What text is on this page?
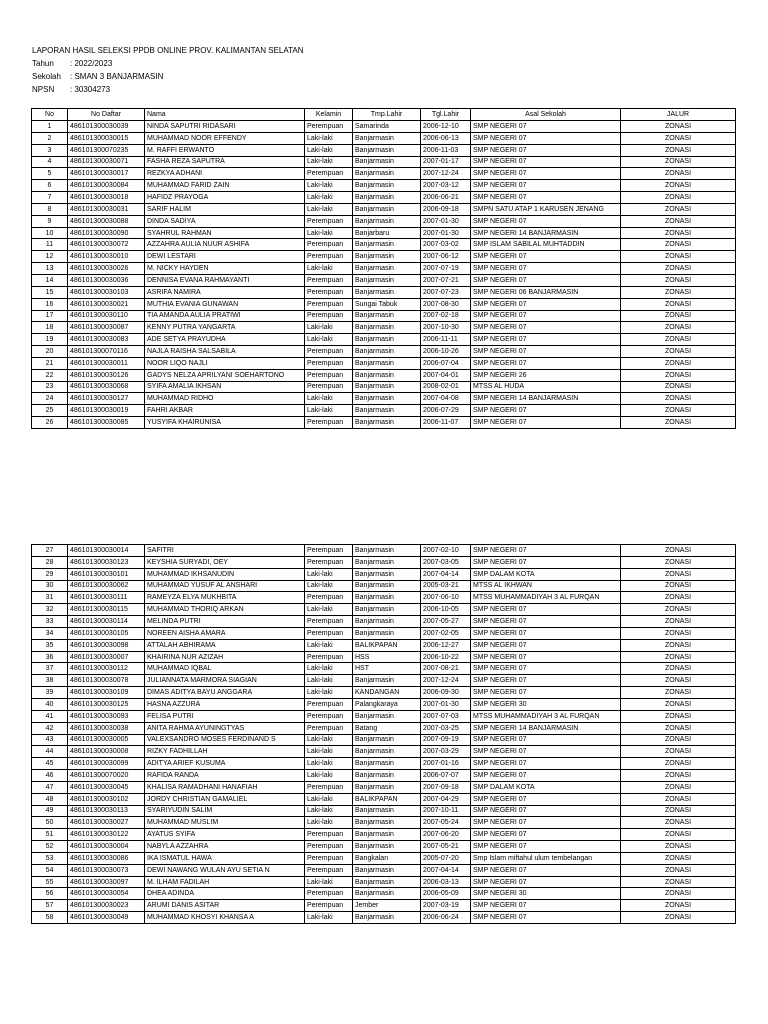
LAPORAN HASIL SELEKSI PPDB ONLINE PROV. KALIMANTAN SELATAN
Tahun : 2022/2023
Sekolah : SMAN 3 BANJARMASIN
NPSN : 30304273
No	No Daftar	Nama	Kelamin	Tmp.Lahir	Tgl.Lahir	Asal Sekolah	JALUR
1	486101300030039	NINDA SAPUTRI RIDASARI	Perempuan	Samarinda	2006-12-10	SMP NEGERI 07	ZONASI
2	486101300030015	MUHAMMAD NOOR EFFENDY	Laki-laki	Banjarmasin	2006-06-13	SMP NEGERI 07	ZONASI
3	486101300070235	M. RAFFI ERWANTO	Laki-laki	Banjarmasin	2006-11-03	SMP NEGERI 07	ZONASI
4	486101300030071	FASHA REZA SAPUTRA	Laki-laki	Banjarmasin	2007-01-17	SMP NEGERI 07	ZONASI
5	486101300030017	REZKYA ADHANI	Perempuan	Banjarmasin	2007-12-24	SMP NEGERI 07	ZONASI
6	486101300030084	MUHAMMAD FARID ZAIN	Laki-laki	Banjarmasin	2007-03-12	SMP NEGERI 07	ZONASI
7	486101300030018	HAFIDZ PRAYOGA	Laki-laki	Banjarmasin	2006-06-21	SMP NEGERI 07	ZONASI
8	486101300030031	SARIF HALIM	Laki-laki	Banjarmasin	2006-09-18	SMPN SATU ATAP 1 KARUSEN JENANG	ZONASI
9	486101300030088	DINDA SADIYA	Perempuan	Banjarmasin	2007-01-30	SMP NEGERI 07	ZONASI
10	486101300030090	SYAHRUL RAHMAN	Laki-laki	Banjarbaru	2007-01-30	SMP NEGERI 14 BANJARMASIN	ZONASI
11	486101300030072	AZZAHRA AULIA NUUR ASHIFA	Perempuan	Banjarmasin	2007-03-02	SMP ISLAM SABILAL MUHTADDIN	ZONASI
12	486101300030010	DEWI LESTARI	Perempuan	Banjarmasin	2007-06-12	SMP NEGERI 07	ZONASI
13	486101300030026	M. NICKY HAYDEN	Laki-laki	Banjarmasin	2007-07-19	SMP NEGERI 07	ZONASI
14	486101300030036	DENNISA EVANA RAHMAYANTI	Perempuan	Banjarmasin	2007-07-21	SMP NEGERI 07	ZONASI
15	486101300030103	ASRIFA NAMIRA	Perempuan	Banjarmasin	2007-07-23	SMP NEGERI 06 BANJARMASIN	ZONASI
16	486101300030021	MUTHIA EVANIA GUNAWAN	Perempuan	Sungai Tabuk	2007-08-30	SMP NEGERI 07	ZONASI
17	486101300030110	TIA AMANDA AULIA PRATIWI	Perempuan	Banjarmasin	2007-02-18	SMP NEGERI 07	ZONASI
18	486101300030087	KENNY PUTRA YANGARTA	Laki-laki	Banjarmasin	2007-10-30	SMP NEGERI 07	ZONASI
19	486101300030083	ADE SETYA PRAYUDHA	Laki-laki	Banjarmasin	2006-11-11	SMP NEGERI 07	ZONASI
20	486101300070116	NAJLA RAISHA SALSABILA	Perempuan	Banjarmasin	2006-10-26	SMP NEGERI 07	ZONASI
21	486101300030011	NOOR LIQO NAJLI	Perempuan	Banjarmasin	2006-07-04	SMP NEGERI 07	ZONASI
22	486101300030126	GADYS NELZA APRILYANI SOEHARTONO	Perempuan	Banjarmasin	2007-04-01	SMP NEGERI 26	ZONASI
23	486101300030068	SYIFA AMALIA IKHSAN	Perempuan	Banjarmasin	2008-02-01	MTSS AL HUDA	ZONASI
24	486101300030127	MUHAMMAD RIDHO	Laki-laki	Banjarmasin	2007-04-08	SMP NEGERI 14 BANJARMASIN	ZONASI
25	486101300030019	FAHRI AKBAR	Laki-laki	Banjarmasin	2006-07-29	SMP NEGERI 07	ZONASI
26	486101300030085	YUSYIFA KHAIRUNISA	Perempuan	Banjarmasin	2006-11-07	SMP NEGERI 07	ZONASI
27	486101300030014	SAFITRI	Perempuan	Banjarmasin	2007-02-10	SMP NEGERI 07	ZONASI
28	486101300030123	KEYSHIA SURYADI, OEY	Perempuan	Banjarmasin	2007-03-05	SMP NEGERI 07	ZONASI
29	486101300030101	MUHAMMAD IKHSANUDIN	Laki-laki	Banjarmasin	2007-04-14	SMP DALAM KOTA	ZONASI
30	486101300030062	MUHAMMAD YUSUF AL ANSHARI	Laki-laki	Banjarmasin	2005-03-21	MTSS AL IKHWAN	ZONASI
31	486101300030111	RAMEYZA ELYA MUKHBITA	Perempuan	Banjarmasin	2007-06-10	MTSS MUHAMMADIYAH 3 AL FURQAN	ZONASI
32	486101300030115	MUHAMMAD THORIQ ARKAN	Laki-laki	Banjarmasin	2006-10-05	SMP NEGERI 07	ZONASI
33	486101300030114	MELINDA PUTRI	Perempuan	Banjarmasin	2007-05-27	SMP NEGERI 07	ZONASI
34	486101300030105	NOREEN AISHA AMARA	Perempuan	Banjarmasin	2007-02-05	SMP NEGERI 07	ZONASI
35	486101300030098	ATTALAH ABHIRAMA	Laki-laki	BALIKPAPAN	2006-12-27	SMP NEGERI 07	ZONASI
36	486101300030007	KHAIRINA NUR AZIZAH	Perempuan	HSS	2006-10-22	SMP NEGERI 07	ZONASI
37	486101300030112	MUHAMMAD IQBAL	Laki-laki	HST	2007-08-21	SMP NEGERI 07	ZONASI
38	486101300030078	JULIANNATA MARMORA SIAGIAN	Laki-laki	Banjarmasin	2007-12-24	SMP NEGERI 07	ZONASI
39	486101300030109	DIMAS ADITYA BAYU ANGGARA	Laki-laki	KANDANGAN	2006-09-30	SMP NEGERI 07	ZONASI
40	486101300030125	HASNA AZZURA	Perempuan	Palangkaraya	2007-01-30	SMP NEGERI 30	ZONASI
41	486101300030093	FELISA PUTRI	Perempuan	Banjarmasin	2007-07-03	MTSS MUHAMMADIYAH 3 AL FURQAN	ZONASI
42	486101300030038	ANITA RAHMA AYUNINGTYAS	Perempuan	Batang	2007-03-25	SMP NEGERI 14 BANJARMASIN	ZONASI
43	486101300030005	VALEXSANDRO MOSES FERDINAND S	Laki-laki	Banjarmasin	2007-09-19	SMP NEGERI 07	ZONASI
44	486101300030008	RIZKY FADHILLAH	Laki-laki	Banjarmasin	2007-03-29	SMP NEGERI 07	ZONASI
45	486101300030099	ADITYA ARIEF KUSUMA	Laki-laki	Banjarmasin	2007-01-16	SMP NEGERI 07	ZONASI
46	486101300070020	RAFIDA RANDA	Laki-laki	Banjarmasin	2006-07-07	SMP NEGERI 07	ZONASI
47	486101300030045	KHALISA RAMADHANI HANAFIAH	Perempuan	Banjarmasin	2007-09-18	SMP DALAM KOTA	ZONASI
48	486101300030102	JORDY CHRISTIAN GAMALIEL	Laki-laki	BALIKPAPAN	2007-04-29	SMP NEGERI 07	ZONASI
49	486101300030113	SYARIYUDIN SALIM	Laki-laki	Banjarmasin	2007-10-11	SMP NEGERI 07	ZONASI
50	486101300030027	MUHAMMAD MUSLIM	Laki-laki	Banjarmasin	2007-05-24	SMP NEGERI 07	ZONASI
51	486101300030122	AYATUS SYIFA	Perempuan	Banjarmasin	2007-06-20	SMP NEGERI 07	ZONASI
52	486101300030004	NABYLA AZZAHRA	Perempuan	Banjarmasin	2007-05-21	SMP NEGERI 07	ZONASI
53	486101300030086	IKA ISMATUL HAWA	Perempuan	Bangkalan	2005-07-20	Smp Islam miftahul ulum tembelangan	ZONASI
54	486101300030073	DEWI NAWANG WULAN AYU SETIA N	Perempuan	Banjarmasin	2007-04-14	SMP NEGERI 07	ZONASI
55	486101300030097	M. ILHAM FADILAH	Laki-laki	Banjarmasin	2006-03-13	SMP NEGERI 07	ZONASI
56	486101300030054	DHEA ADINDA	Perempuan	Banjarmasin	2006-05-09	SMP NEGERI 30	ZONASI
57	486101300030023	ARUMI DANIS ASITAR	Perempuan	Jember	2007-03-19	SMP NEGERI 07	ZONASI
58	486101300030049	MUHAMMAD KHOSYI KHANSA A	Laki-laki	Banjarmasin	2006-06-24	SMP NEGERI 07	ZONASI
